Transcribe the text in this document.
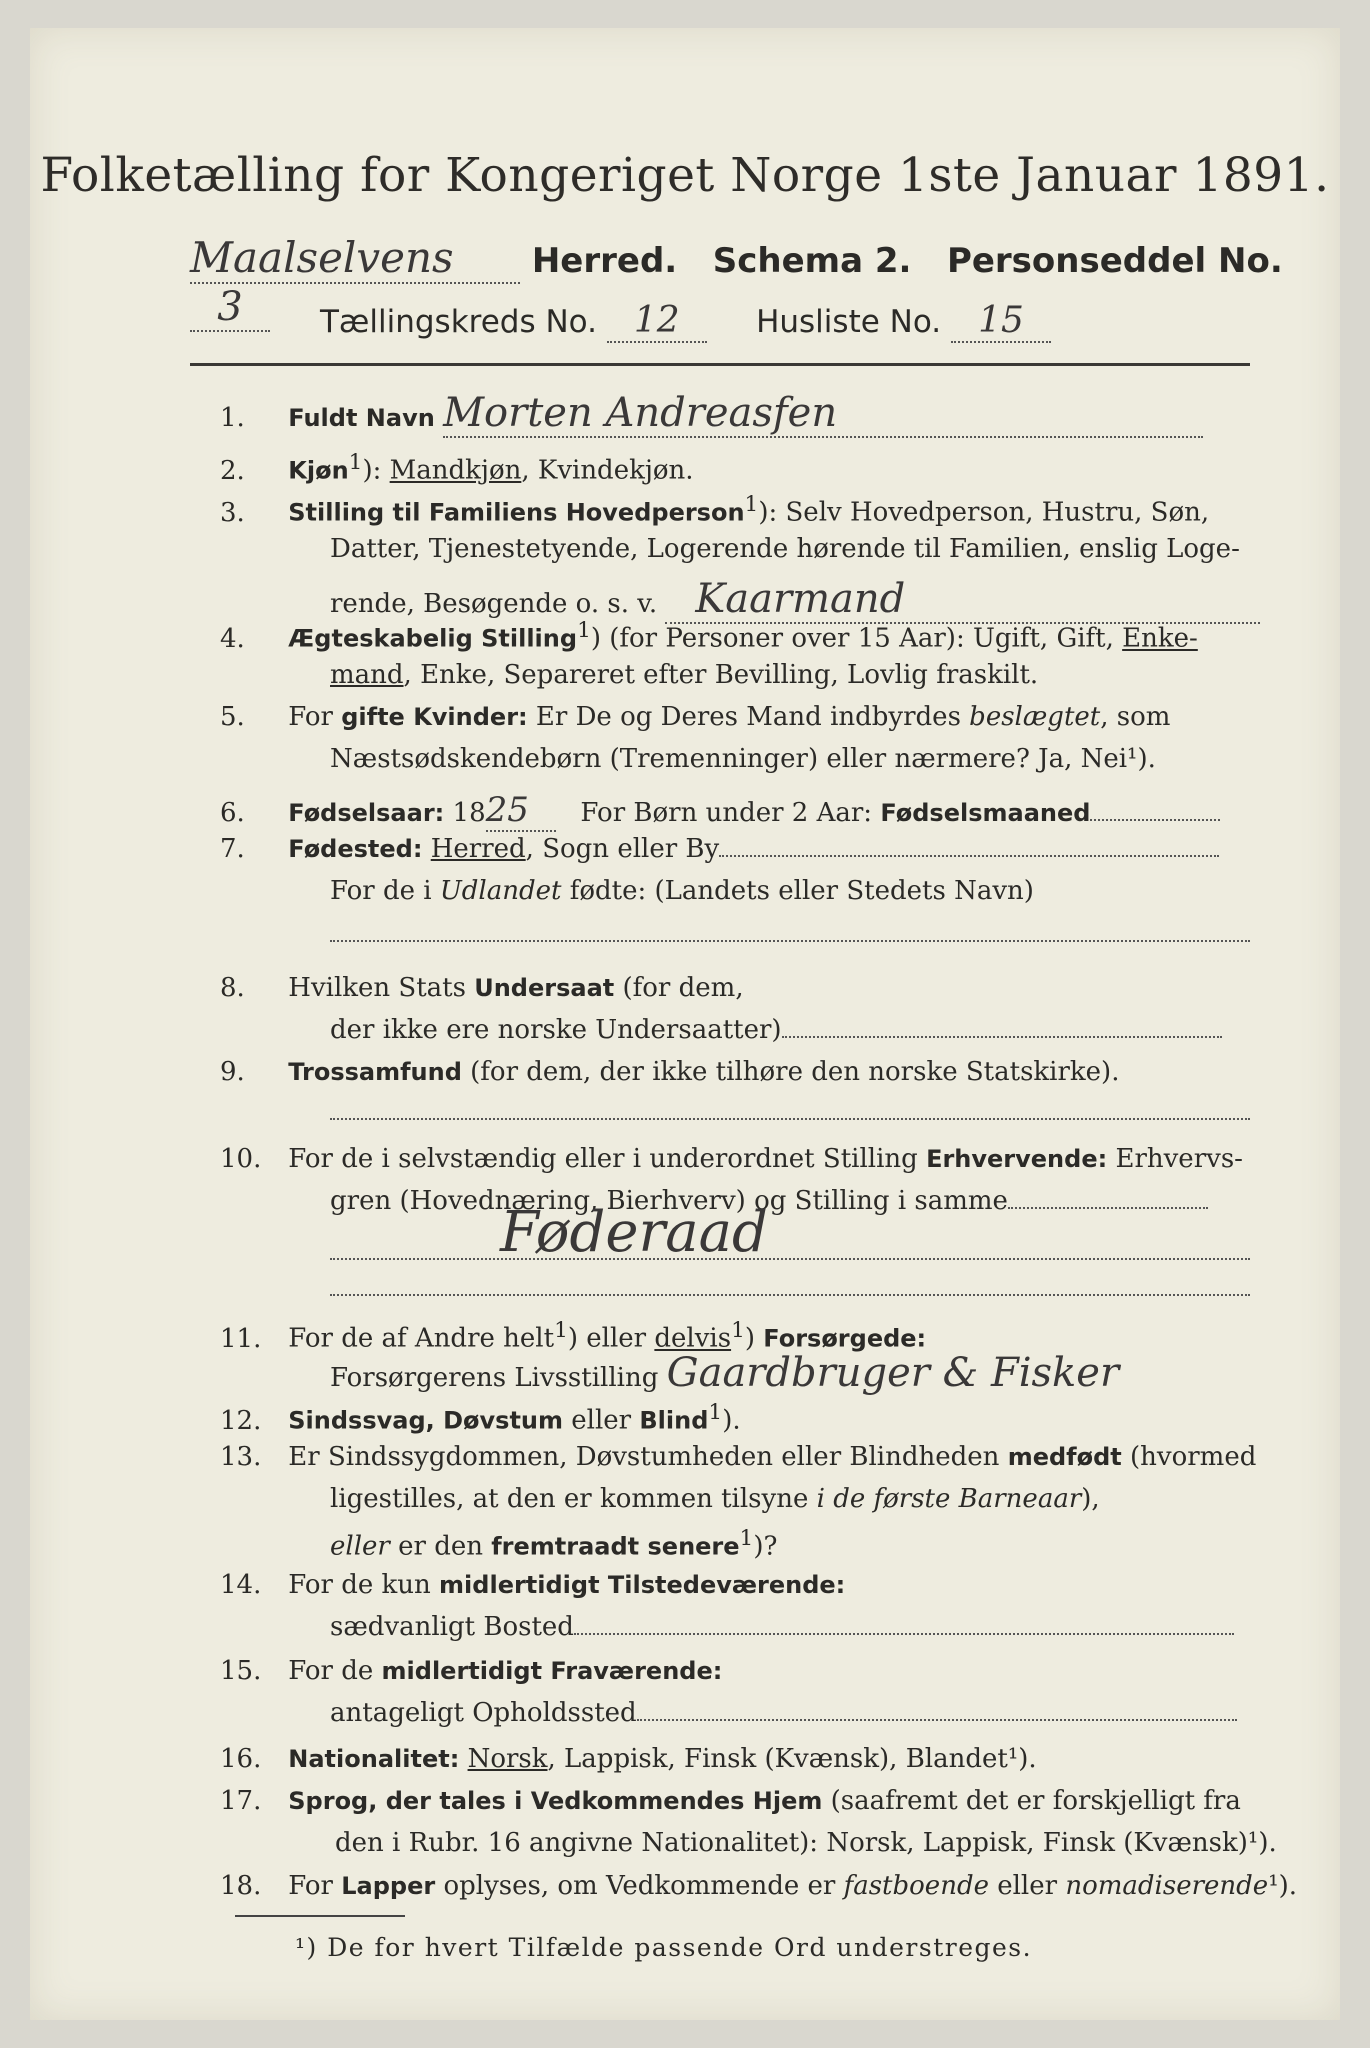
Folketælling for Kongeriget Norge 1ste Januar 1891.
Maalselvens Herred. Schema 2. Personseddel No. 3	Tællingskreds No. 12 Husliste No. 15
1. Fuldt Navn Morten Andreasfen
2. Kjøn$^1$): Mandkjøn, Kvindekjøn.
3. Stilling til Familiens Hovedperson$^1$): Selv Hovedperson, Hustru, Søn,
Datter, Tjenestetyende, Logerende hørende til Familien, enslig Loge-
rende, Besøgende o. s. v. Kaarmand
4. Ægteskabelig Stilling$^1$) (for Personer over 15 Aar): Ugift, Gift, Enke-
mand, Enke, Separeret efter Bevilling, Lovlig fraskilt.
5. For gifte Kvinder: Er De og Deres Mand indbyrdes beslægtet, som
Næstsødskendebørn (Tremenninger) eller nærmere? Ja, Nei¹).
6. Fødselsaar: 1825 For Børn under 2 Aar: Fødselsmaaned
7. Fødested: Herred, Sogn eller By
For de i Udlandet fødte: (Landets eller Stedets Navn)
8. Hvilken Stats Undersaat (for dem,
der ikke ere norske Undersaatter)
9. Trossamfund (for dem, der ikke tilhøre den norske Statskirke).
10. For de i selvstændig eller i underordnet Stilling Erhvervende: Erhvervs-
gren (Hovednæring, Bierhverv) og Stilling i samme
Føderaad
11. For de af Andre helt$^1$) eller delvis$^1$) Forsørgede:
Forsørgerens Livsstilling Gaardbruger & Fisker
12. Sindssvag, Døvstum eller Blind$^1$).
13. Er Sindssygdommen, Døvstumheden eller Blindheden medfødt (hvormed
ligestilles, at den er kommen tilsyne i de første Barneaar),
eller er den fremtraadt senere$^1$)?
14. For de kun midlertidigt Tilstedeværende:
sædvanligt Bosted
15. For de midlertidigt Fraværende:
antageligt Opholdssted
16. Nationalitet: Norsk, Lappisk, Finsk (Kvænsk), Blandet¹).
17. Sprog, der tales i Vedkommendes Hjem (saafremt det er forskjelligt fra
den i Rubr. 16 angivne Nationalitet): Norsk, Lappisk, Finsk (Kvænsk)¹).
18. For Lapper oplyses, om Vedkommende er fastboende eller nomadiserende¹).
¹) De for hvert Tilfælde passende Ord understreges.
